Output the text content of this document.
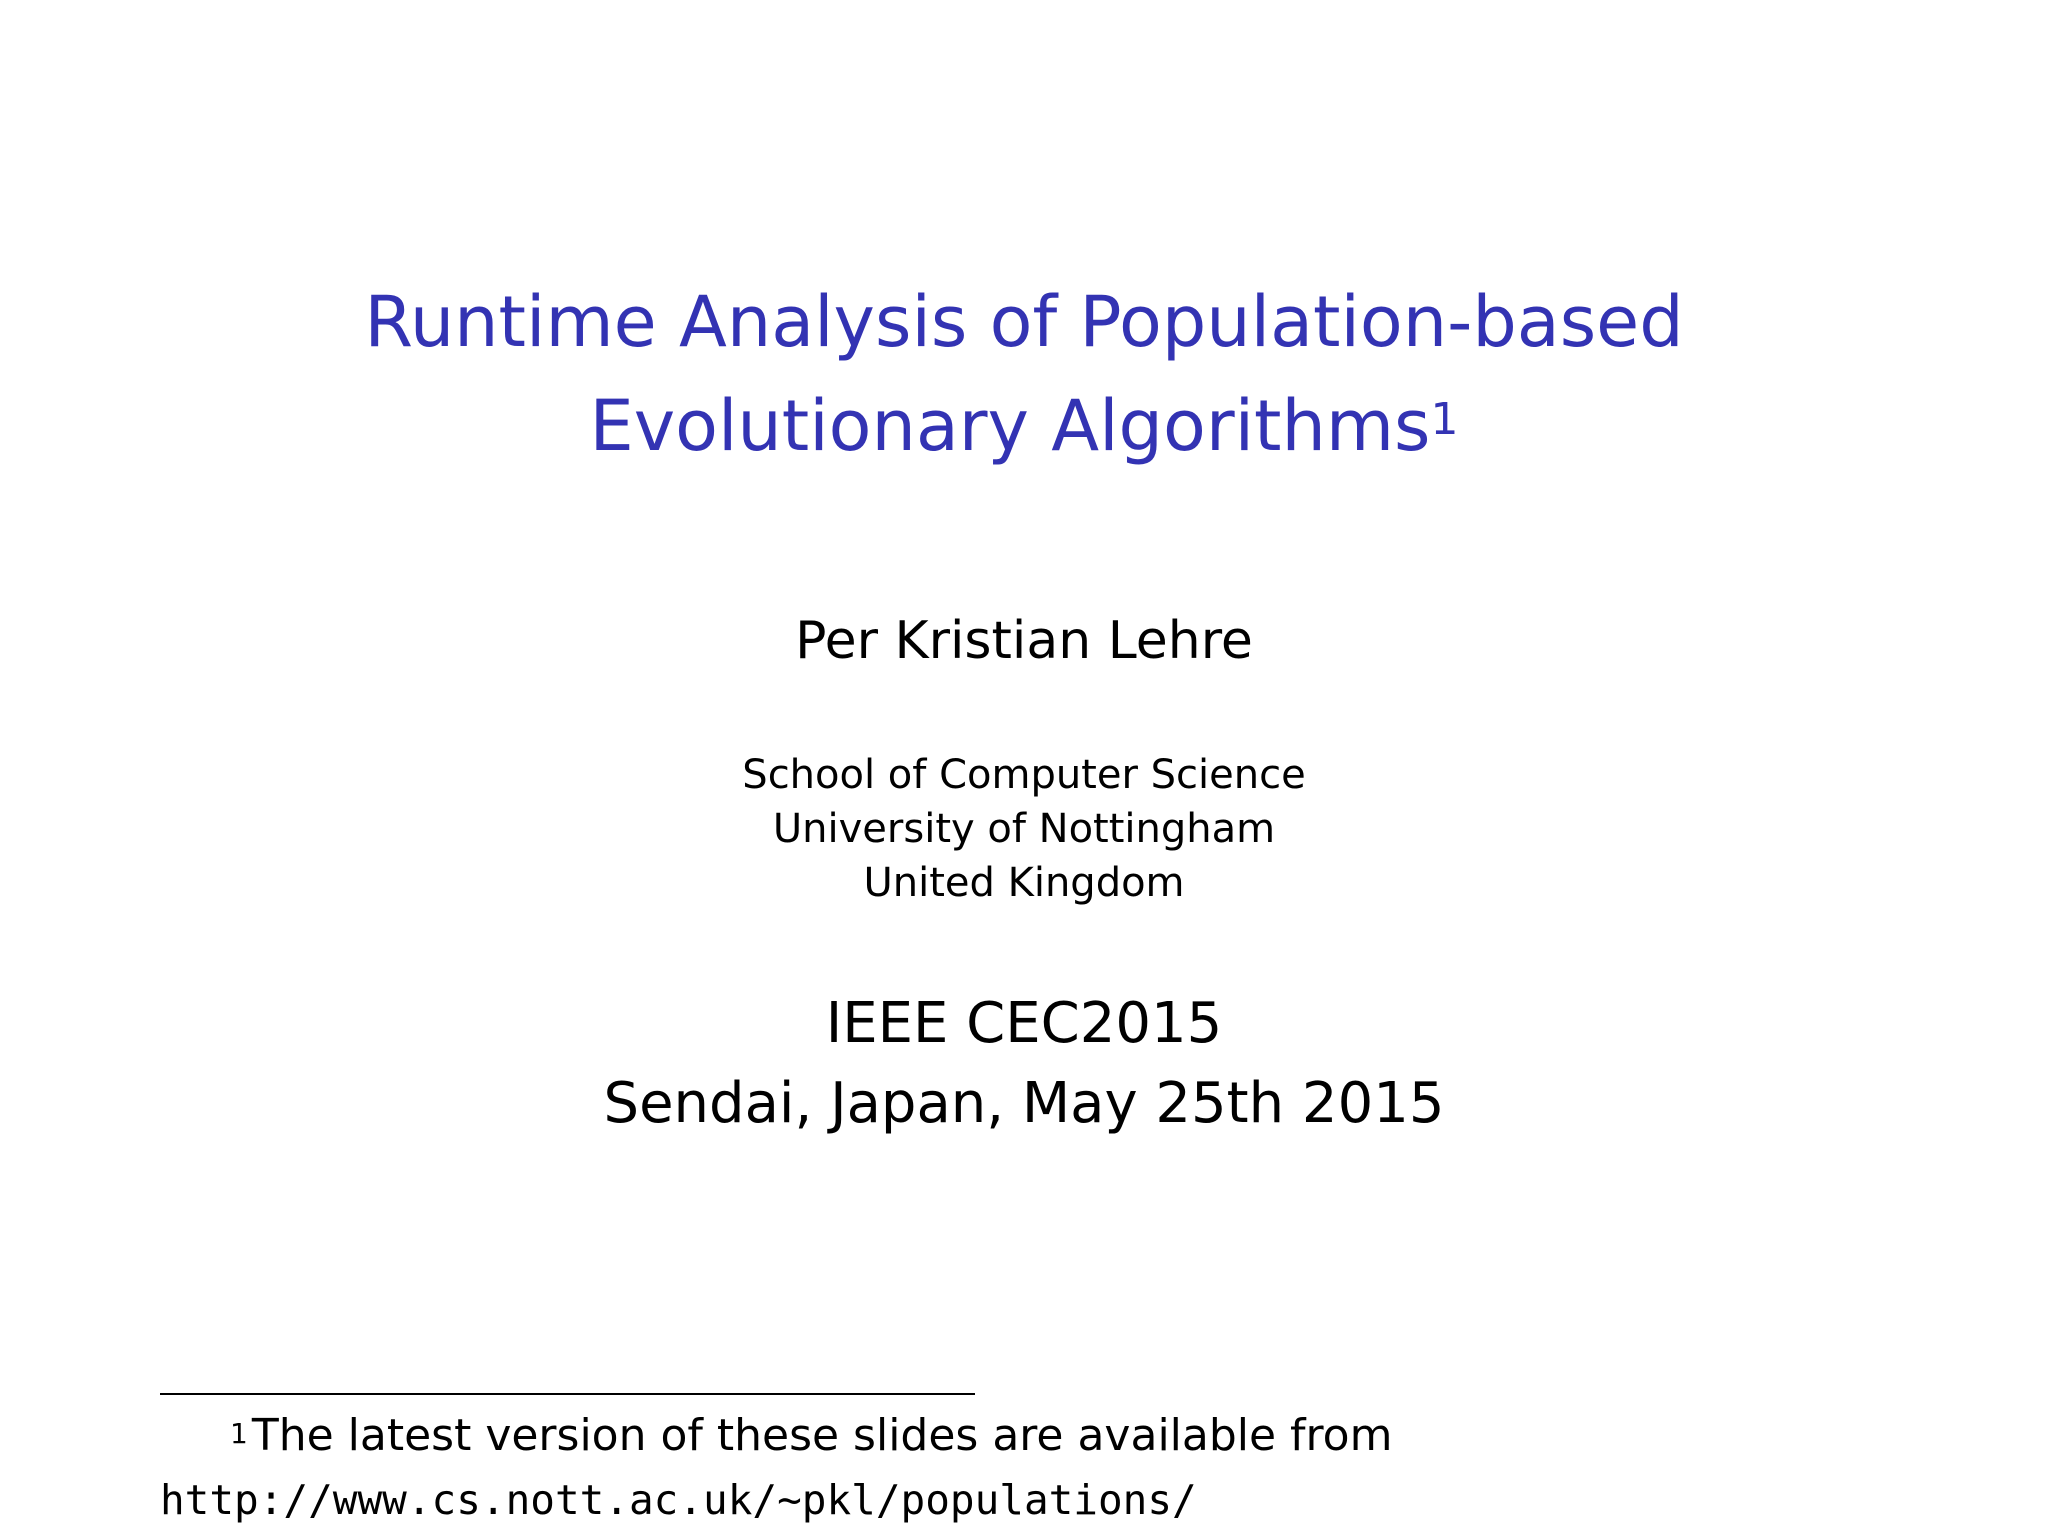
Runtime Analysis of Population-based
Evolutionary Algorithms$^1$
Per Kristian Lehre
School of Computer Science
University of Nottingham
United Kingdom
IEEE CEC2015
Sendai, Japan, May 25th 2015
$^1$The latest version of these slides are available from
http://www.cs.nott.ac.uk/~pkl/populations/
